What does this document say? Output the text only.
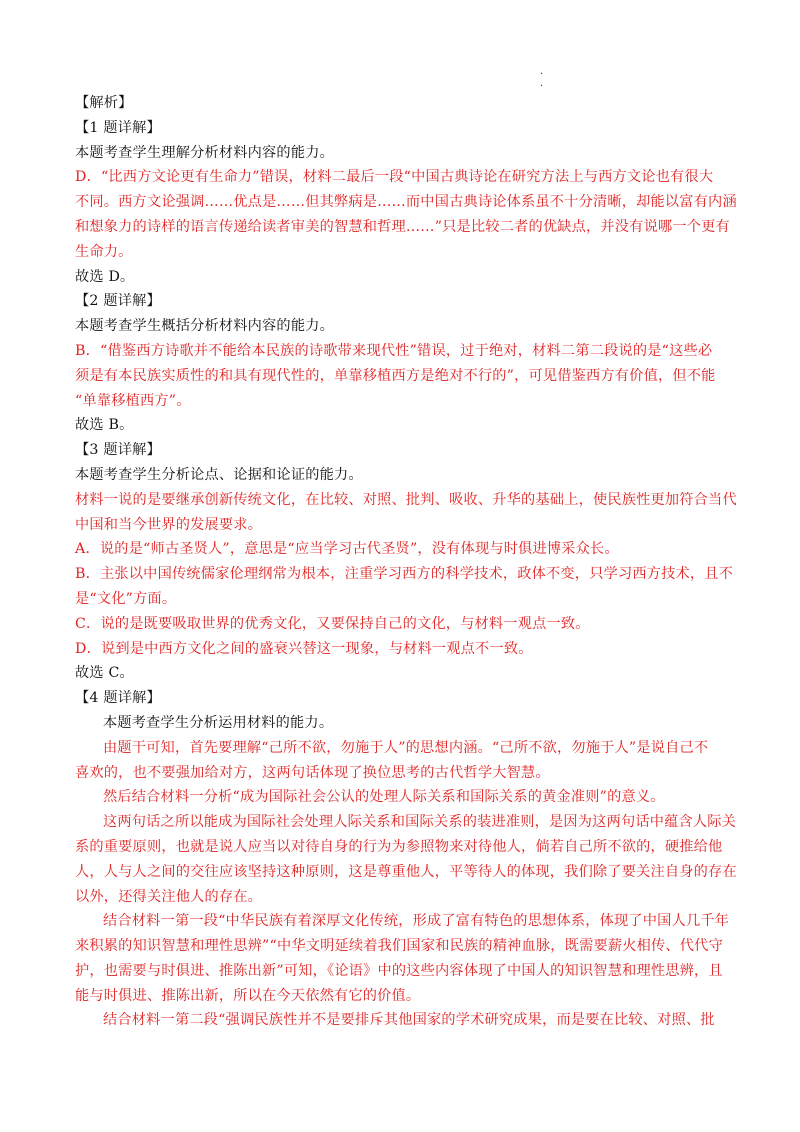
.
.
【解析】
【1 题详解】
本题考查学生理解分析材料内容的能力。
D．“比西方文论更有生命力”错误，材料二最后一段“中国古典诗论在研究方法上与西方文论也有很大
不同。西方文论强调……优点是……但其弊病是……而中国古典诗论体系虽不十分清晰，却能以富有内涵
和想象力的诗样的语言传递给读者审美的智慧和哲理……”只是比较二者的优缺点，并没有说哪一个更有
生命力。
故选 D。
【2 题详解】
本题考查学生概括分析材料内容的能力。
B．“借鉴西方诗歌并不能给本民族的诗歌带来现代性”错误，过于绝对，材料二第二段说的是“这些必
须是有本民族实质性的和具有现代性的，单靠移植西方是绝对不行的”，可见借鉴西方有价值，但不能
“单靠移植西方”。
故选 B。
【3 题详解】
本题考查学生分析论点、论据和论证的能力。
材料一说的是要继承创新传统文化，在比较、对照、批判、吸收、升华的基础上，使民族性更加符合当代
中国和当今世界的发展要求。
A．说的是“师古圣贤人”，意思是“应当学习古代圣贤”，没有体现与时俱进博采众长。
B．主张以中国传统儒家伦理纲常为根本，注重学习西方的科学技术，政体不变，只学习西方技术，且不
是“文化”方面。
C．说的是既要吸取世界的优秀文化，又要保持自己的文化，与材料一观点一致。
D．说到是中西方文化之间的盛衰兴替这一现象，与材料一观点不一致。
故选 C。
【4 题详解】
本题考查学生分析运用材料的能力。
由题干可知，首先要理解“己所不欲，勿施于人”的思想内涵。“己所不欲，勿施于人”是说自己不
喜欢的，也不要强加给对方，这两句话体现了换位思考的古代哲学大智慧。
然后结合材料一分析“成为国际社会公认的处理人际关系和国际关系的黄金准则”的意义。
这两句话之所以能成为国际社会处理人际关系和国际关系的装进准则，是因为这两句话中蕴含人际关
系的重要原则，也就是说人应当以对待自身的行为为参照物来对待他人，倘若自己所不欲的，硬推给他
人，人与人之间的交往应该坚持这种原则，这是尊重他人，平等待人的体现，我们除了要关注自身的存在
以外，还得关注他人的存在。
结合材料一第一段“中华民族有着深厚文化传统，形成了富有特色的思想体系，体现了中国人几千年
来积累的知识智慧和理性思辨”“中华文明延续着我们国家和民族的精神血脉，既需要薪火相传、代代守
护，也需要与时俱进、推陈出新”可知，《论语》中的这些内容体现了中国人的知识智慧和理性思辨，且
能与时俱进、推陈出新，所以在今天依然有它的价值。
结合材料一第二段“强调民族性并不是要排斥其他国家的学术研究成果，而是要在比较、对照、批
